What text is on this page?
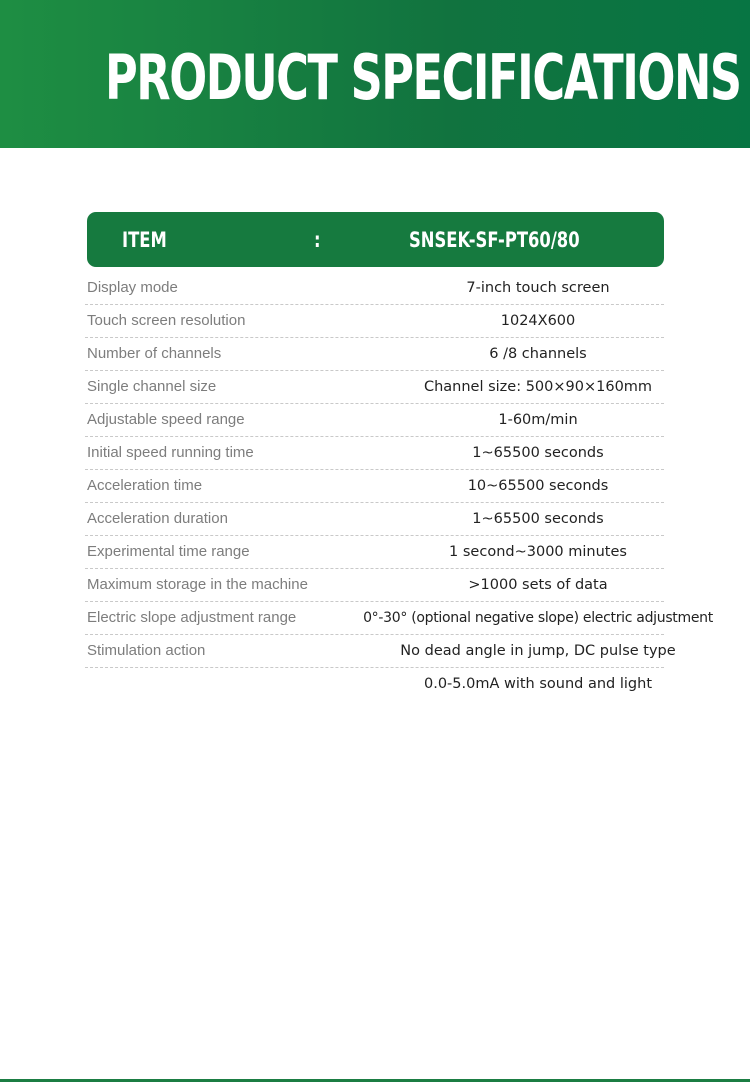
PRODUCT SPECIFICATIONS
ITEM	:	SNSEK-SF-PT60/80
Display mode	7-inch touch screen
Touch screen resolution	1024X600
Number of channels	6 /8 channels
Single channel size	Channel size: 500×90×160mm
Adjustable speed range	1-60m/min
Initial speed running time	1~65500 seconds
Acceleration time	10~65500 seconds
Acceleration duration	1~65500 seconds
Experimental time range	1 second~3000 minutes
Maximum storage in the machine	>1000 sets of data
Electric slope adjustment range	0°-30° (optional negative slope) electric adjustment
Stimulation action	No dead angle in jump, DC pulse type
0.0-5.0mA with sound and light
